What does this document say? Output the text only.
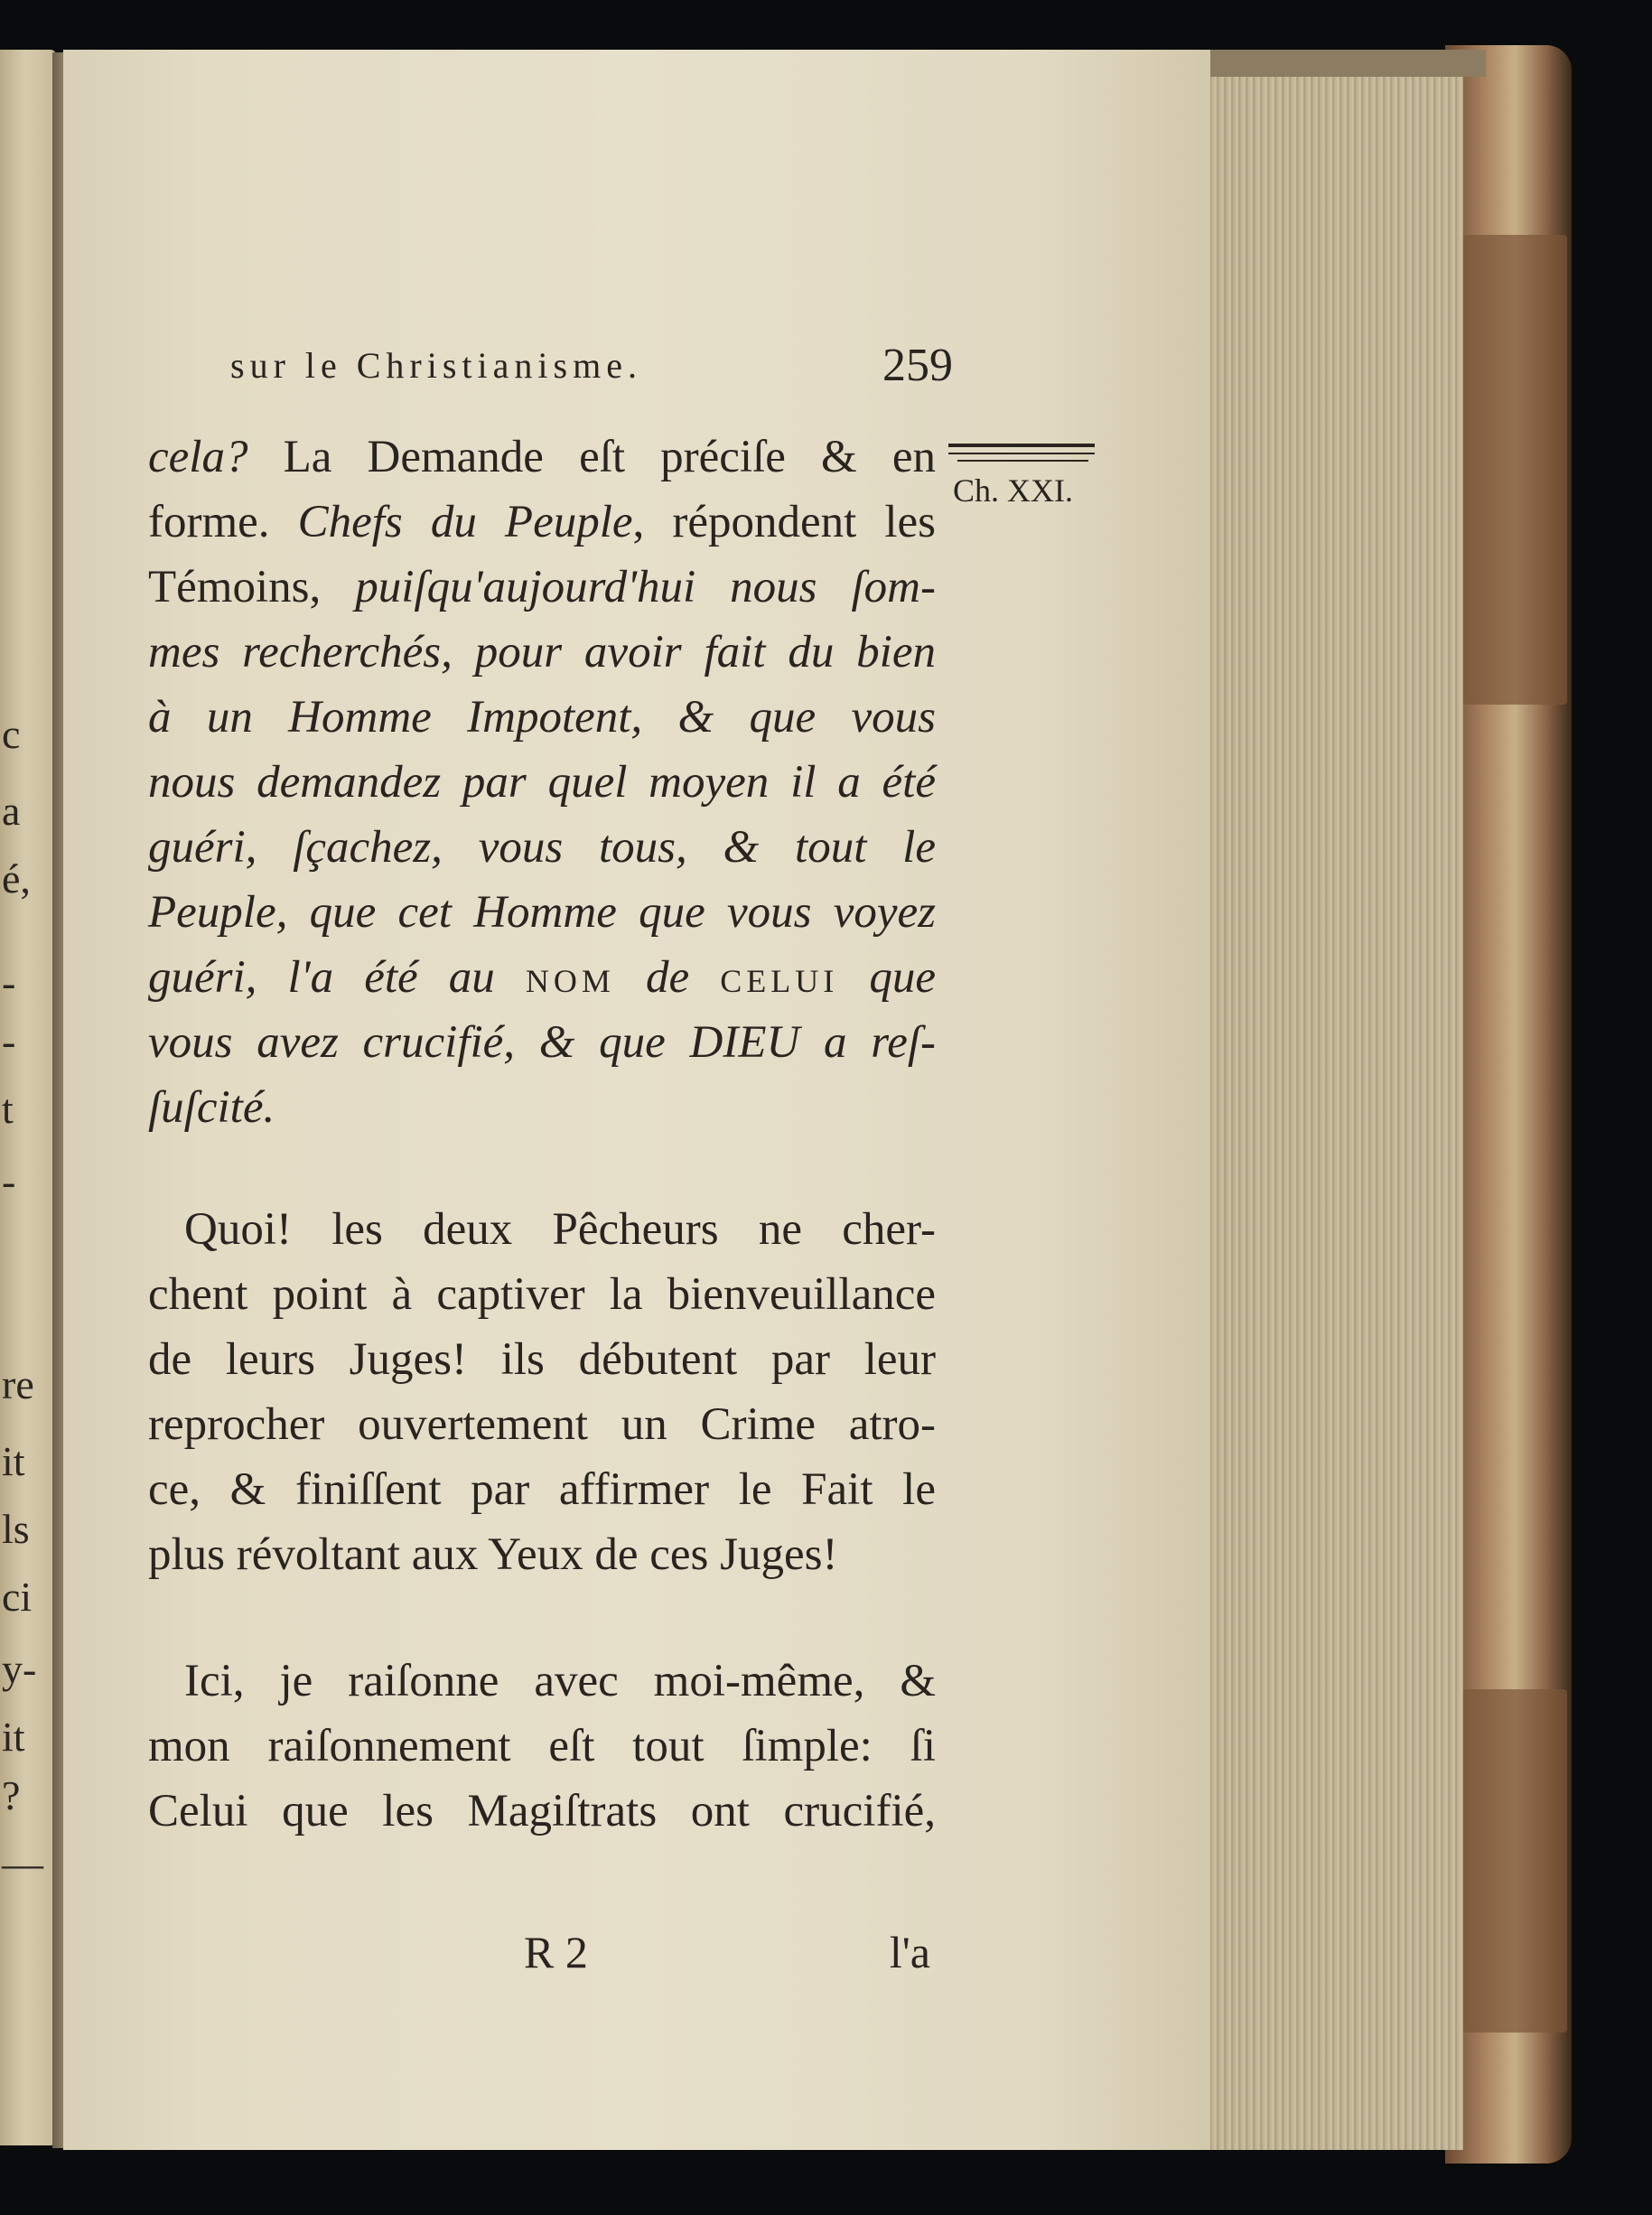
c
a
é,
-
-
t
-
re
it
ls
ci
y-
it
?
—
sur le Christianisme.	259
Ch. XXI.
cela? La Demande eſt préciſe & en
forme. Chefs du Peuple, répondent les
Témoins, puiſqu'aujourd'hui nous ſom-
mes recherchés, pour avoir fait du bien
à un Homme Impotent, & que vous
nous demandez par quel moyen il a été
guéri, ſçachez, vous tous, & tout le
Peuple, que cet Homme que vous voyez
guéri, l'a été au NOM de CELUI que
vous avez crucifié, & que DIEU a reſ-
ſuſcité.
Quoi! les deux Pêcheurs ne cher-
chent point à captiver la bienveuillance
de leurs Juges! ils débutent par leur
reprocher ouvertement un Crime atro-
ce, & finiſſent par affirmer le Fait le
plus révoltant aux Yeux de ces Juges!
Ici, je raiſonne avec moi-même, &
mon raiſonnement eſt tout ſimple: ſi
Celui que les Magiſtrats ont crucifié,
R 2	l'a
